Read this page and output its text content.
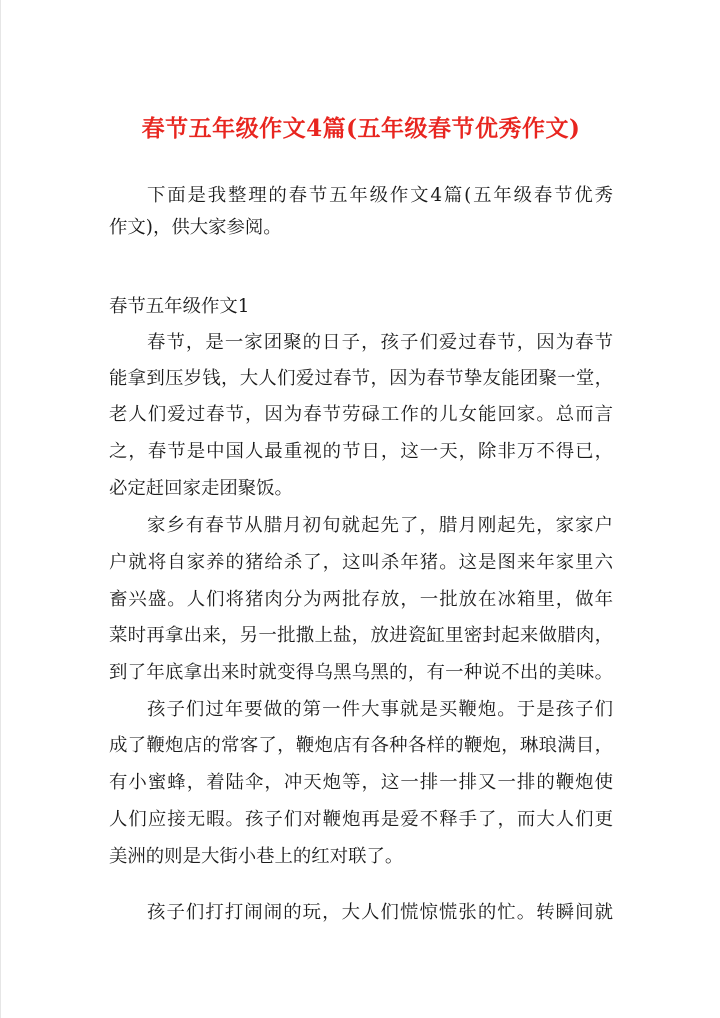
春节五年级作文4篇(五年级春节优秀作文)
下面是我整理的春节五年级作文4篇(五年级春节优秀
作文)，供大家参阅。
春节五年级作文1
春节，是一家团聚的日子，孩子们爱过春节，因为春节
能拿到压岁钱，大人们爱过春节，因为春节挚友能团聚一堂，
老人们爱过春节，因为春节劳碌工作的儿女能回家。总而言
之，春节是中国人最重视的节日，这一天，除非万不得已，
必定赶回家走团聚饭。
家乡有春节从腊月初旬就起先了，腊月刚起先，家家户
户就将自家养的猪给杀了，这叫杀年猪。这是图来年家里六
畜兴盛。人们将猪肉分为两批存放，一批放在冰箱里，做年
菜时再拿出来，另一批撒上盐，放进瓷缸里密封起来做腊肉，
到了年底拿出来时就变得乌黑乌黑的，有一种说不出的美味。
孩子们过年要做的第一件大事就是买鞭炮。于是孩子们
成了鞭炮店的常客了，鞭炮店有各种各样的鞭炮，琳琅满目，
有小蜜蜂，着陆伞，冲天炮等，这一排一排又一排的鞭炮使
人们应接无暇。孩子们对鞭炮再是爱不释手了，而大人们更
美洲的则是大街小巷上的红对联了。
孩子们打打闹闹的玩，大人们慌惊慌张的忙。转瞬间就
